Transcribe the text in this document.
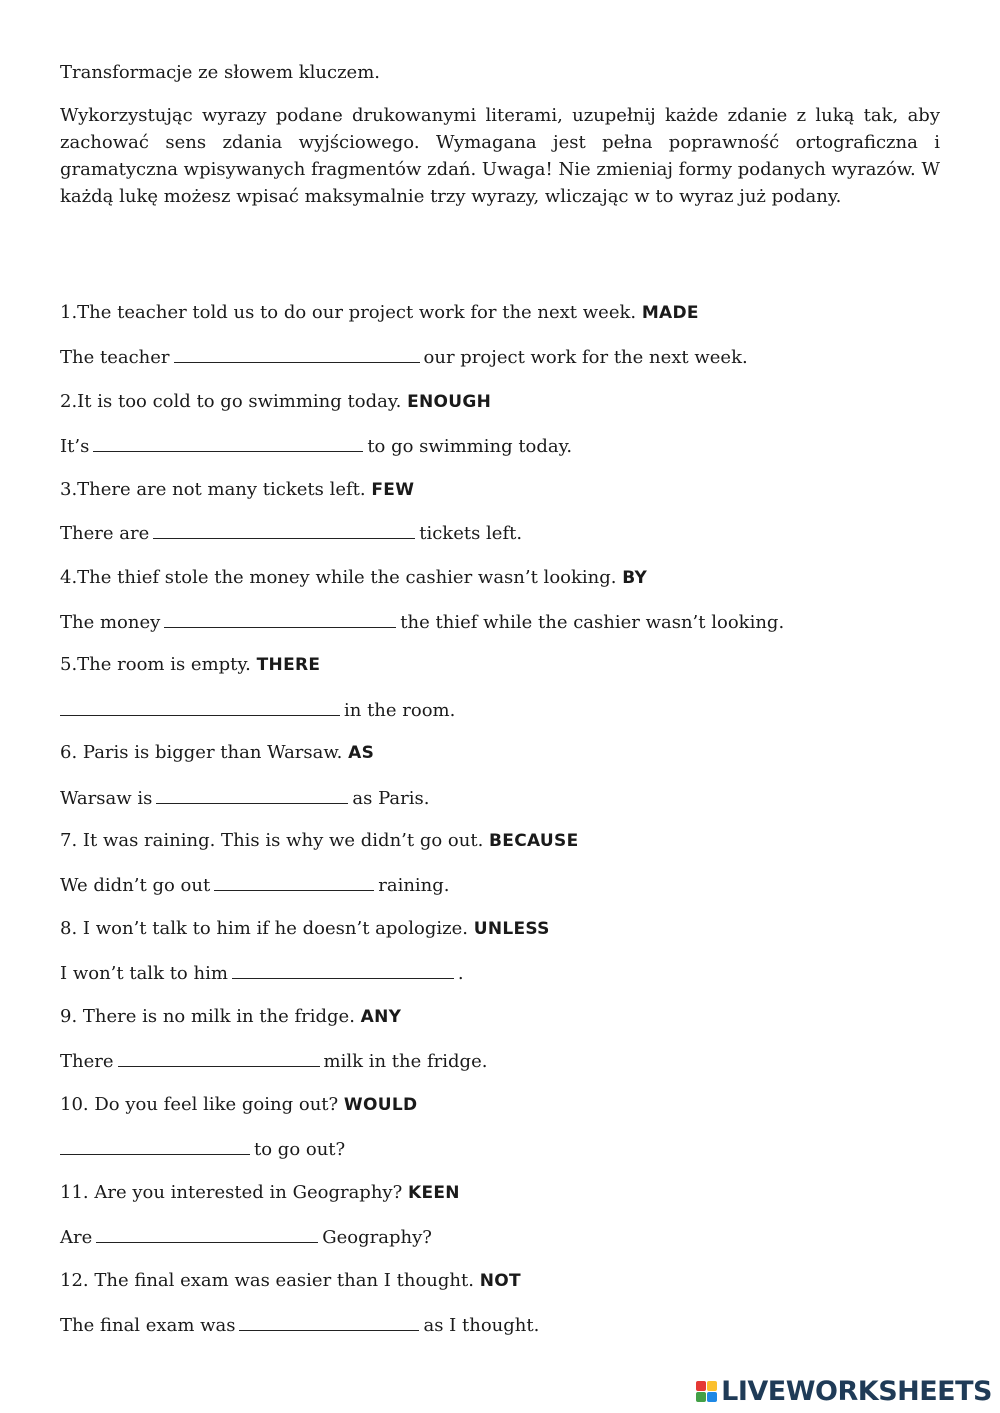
Transformacje ze słowem kluczem.
Wykorzystując wyrazy podane drukowanymi literami, uzupełnij każde zdanie z luką tak, aby zachować sens zdania wyjściowego. Wymagana jest pełna poprawność ortograficzna i gramatyczna wpisywanych fragmentów zdań. Uwaga! Nie zmieniaj formy podanych wyrazów. W każdą lukę możesz wpisać maksymalnie trzy wyrazy, wliczając w to wyraz już podany.
1.The teacher told us to do our project work for the next week. MADE
The teacher	our project work for the next week.
2.It is too cold to go swimming today. ENOUGH
It’s	to go swimming today.
3.There are not many tickets left. FEW
There are	tickets left.
4.The thief stole the money while the cashier wasn’t looking. BY
The money	the thief while the cashier wasn’t looking.
5.The room is empty. THERE
in the room.
6. Paris is bigger than Warsaw. AS
Warsaw is	as Paris.
7. It was raining. This is why we didn’t go out. BECAUSE
We didn’t go out	raining.
8. I won’t talk to him if he doesn’t apologize. UNLESS
I won’t talk to him	.
9. There is no milk in the fridge. ANY
There	milk in the fridge.
10. Do you feel like going out? WOULD
to go out?
11. Are you interested in Geography? KEEN
Are	Geography?
12. The final exam was easier than I thought. NOT
The final exam was	as I thought.
LIVEWORKSHEETS
